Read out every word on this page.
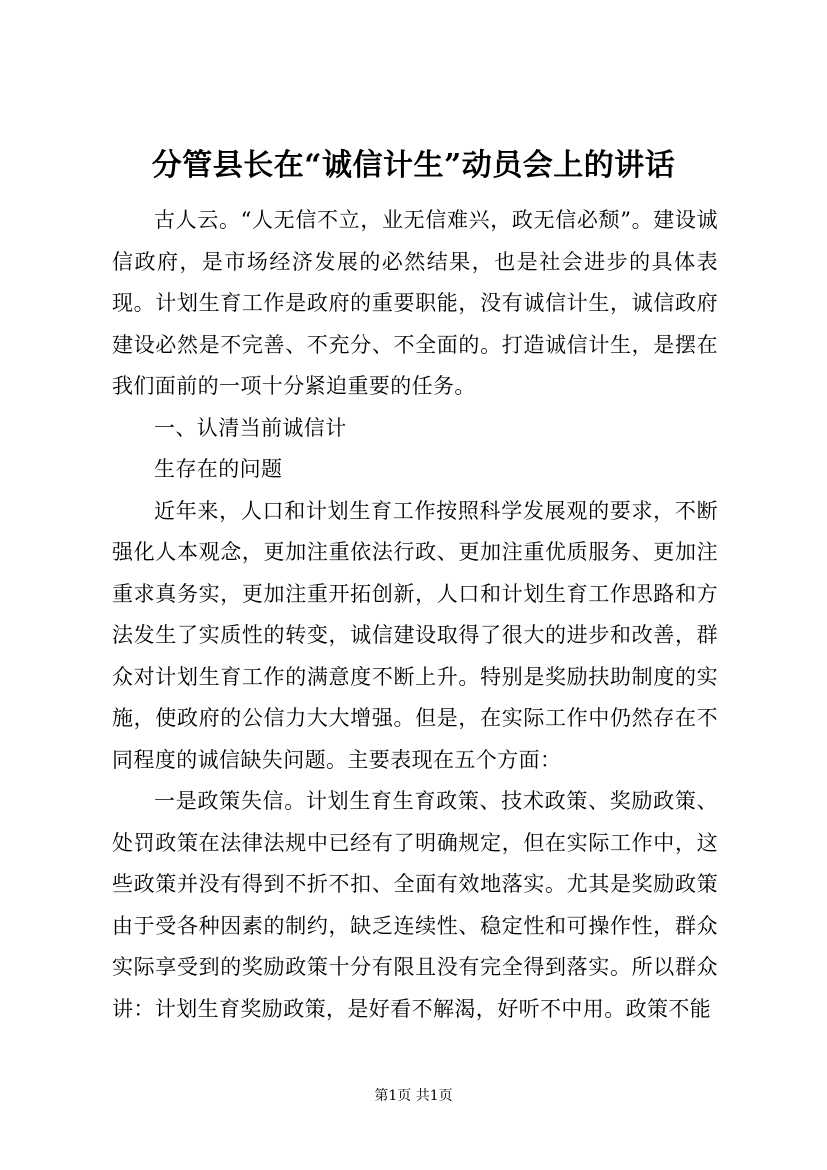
分管县长在“诚信计生”动员会上的讲话

古人云。“人无信不立，业无信难兴，政无信必颓”。建设诚信政府，是市场经济发展的必然结果，也是社会进步的具体表现。计划生育工作是政府的重要职能，没有诚信计生，诚信政府建设必然是不完善、不充分、不全面的。打造诚信计生，是摆在我们面前的一项十分紧迫重要的任务。

一、认清当前诚信计

生存在的问题

近年来，人口和计划生育工作按照科学发展观的要求，不断强化人本观念，更加注重依法行政、更加注重优质服务、更加注重求真务实，更加注重开拓创新，人口和计划生育工作思路和方法发生了实质性的转变，诚信建设取得了很大的进步和改善，群众对计划生育工作的满意度不断上升。特别是奖励扶助制度的实施，使政府的公信力大大增强。但是，在实际工作中仍然存在不同程度的诚信缺失问题。主要表现在五个方面：

一是政策失信。计划生育生育政策、技术政策、奖励政策、处罚政策在法律法规中已经有了明确规定，但在实际工作中，这些政策并没有得到不折不扣、全面有效地落实。尤其是奖励政策由于受各种因素的制约，缺乏连续性、稳定性和可操作性，群众实际享受到的奖励政策十分有限且没有完全得到落实。所以群众讲：计划生育奖励政策，是好看不解渴，好听不中用。政策不能

第1页 共1页
